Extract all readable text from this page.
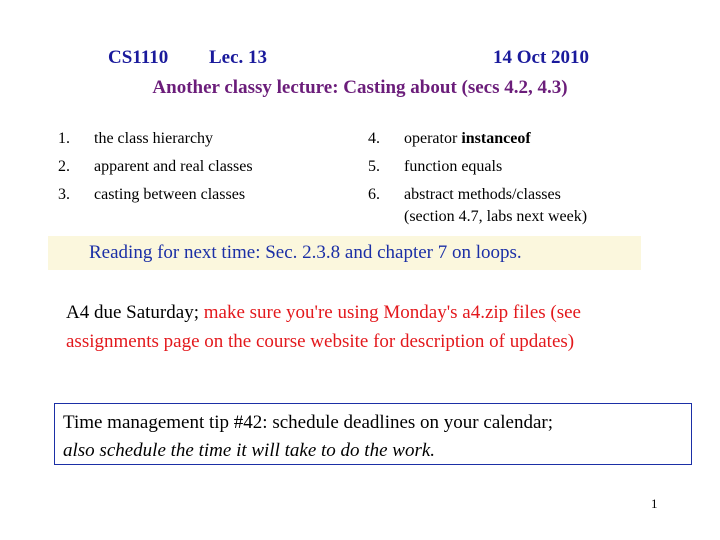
CS1110 Lec. 13	14 Oct 2010
Another classy lecture: Casting about (secs 4.2, 4.3)
1. the class hierarchy
2. apparent and real classes
3. casting between classes
4. operator instanceof
5. function equals
6. abstract methods/classes
(section 4.7, labs next week)
Reading for next time: Sec. 2.3.8 and chapter 7 on loops.
A4 due Saturday; make sure you're using Monday's a4.zip files (see assignments page on the course website for description of updates)
Time management tip #42: schedule deadlines on your calendar;
also schedule the time it will take to do the work.
1
